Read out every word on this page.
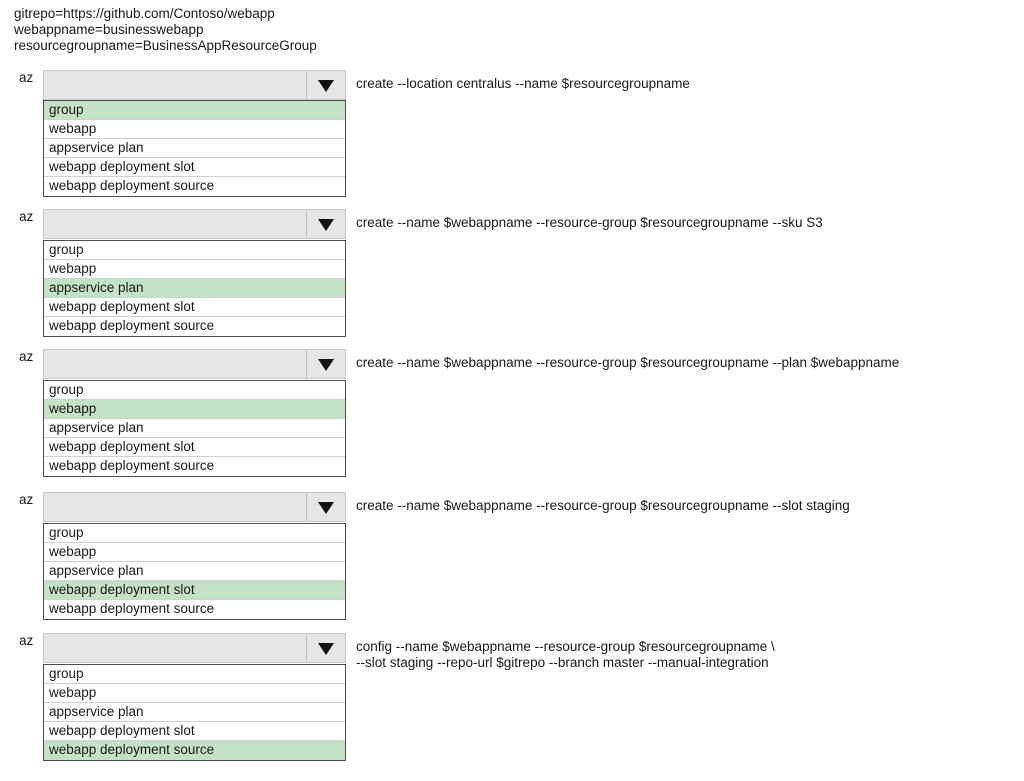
gitrepo=https://github.com/Contoso/webapp
webappname=businesswebapp
resourcegroupname=BusinessAppResourceGroup
az	create --location centralus --name $resourcegroupname
group
webapp
appservice plan
webapp deployment slot
webapp deployment source
az	create --name $webappname --resource-group $resourcegroupname --sku S3
group
webapp
appservice plan
webapp deployment slot
webapp deployment source
az	create --name $webappname --resource-group $resourcegroupname --plan $webappname
group
webapp
appservice plan
webapp deployment slot
webapp deployment source
az	create --name $webappname --resource-group $resourcegroupname --slot staging
group
webapp
appservice plan
webapp deployment slot
webapp deployment source
az	config --name $webappname --resource-group $resourcegroupname \
--slot staging --repo-url $gitrepo --branch master --manual-integration
group
webapp
appservice plan
webapp deployment slot
webapp deployment source
